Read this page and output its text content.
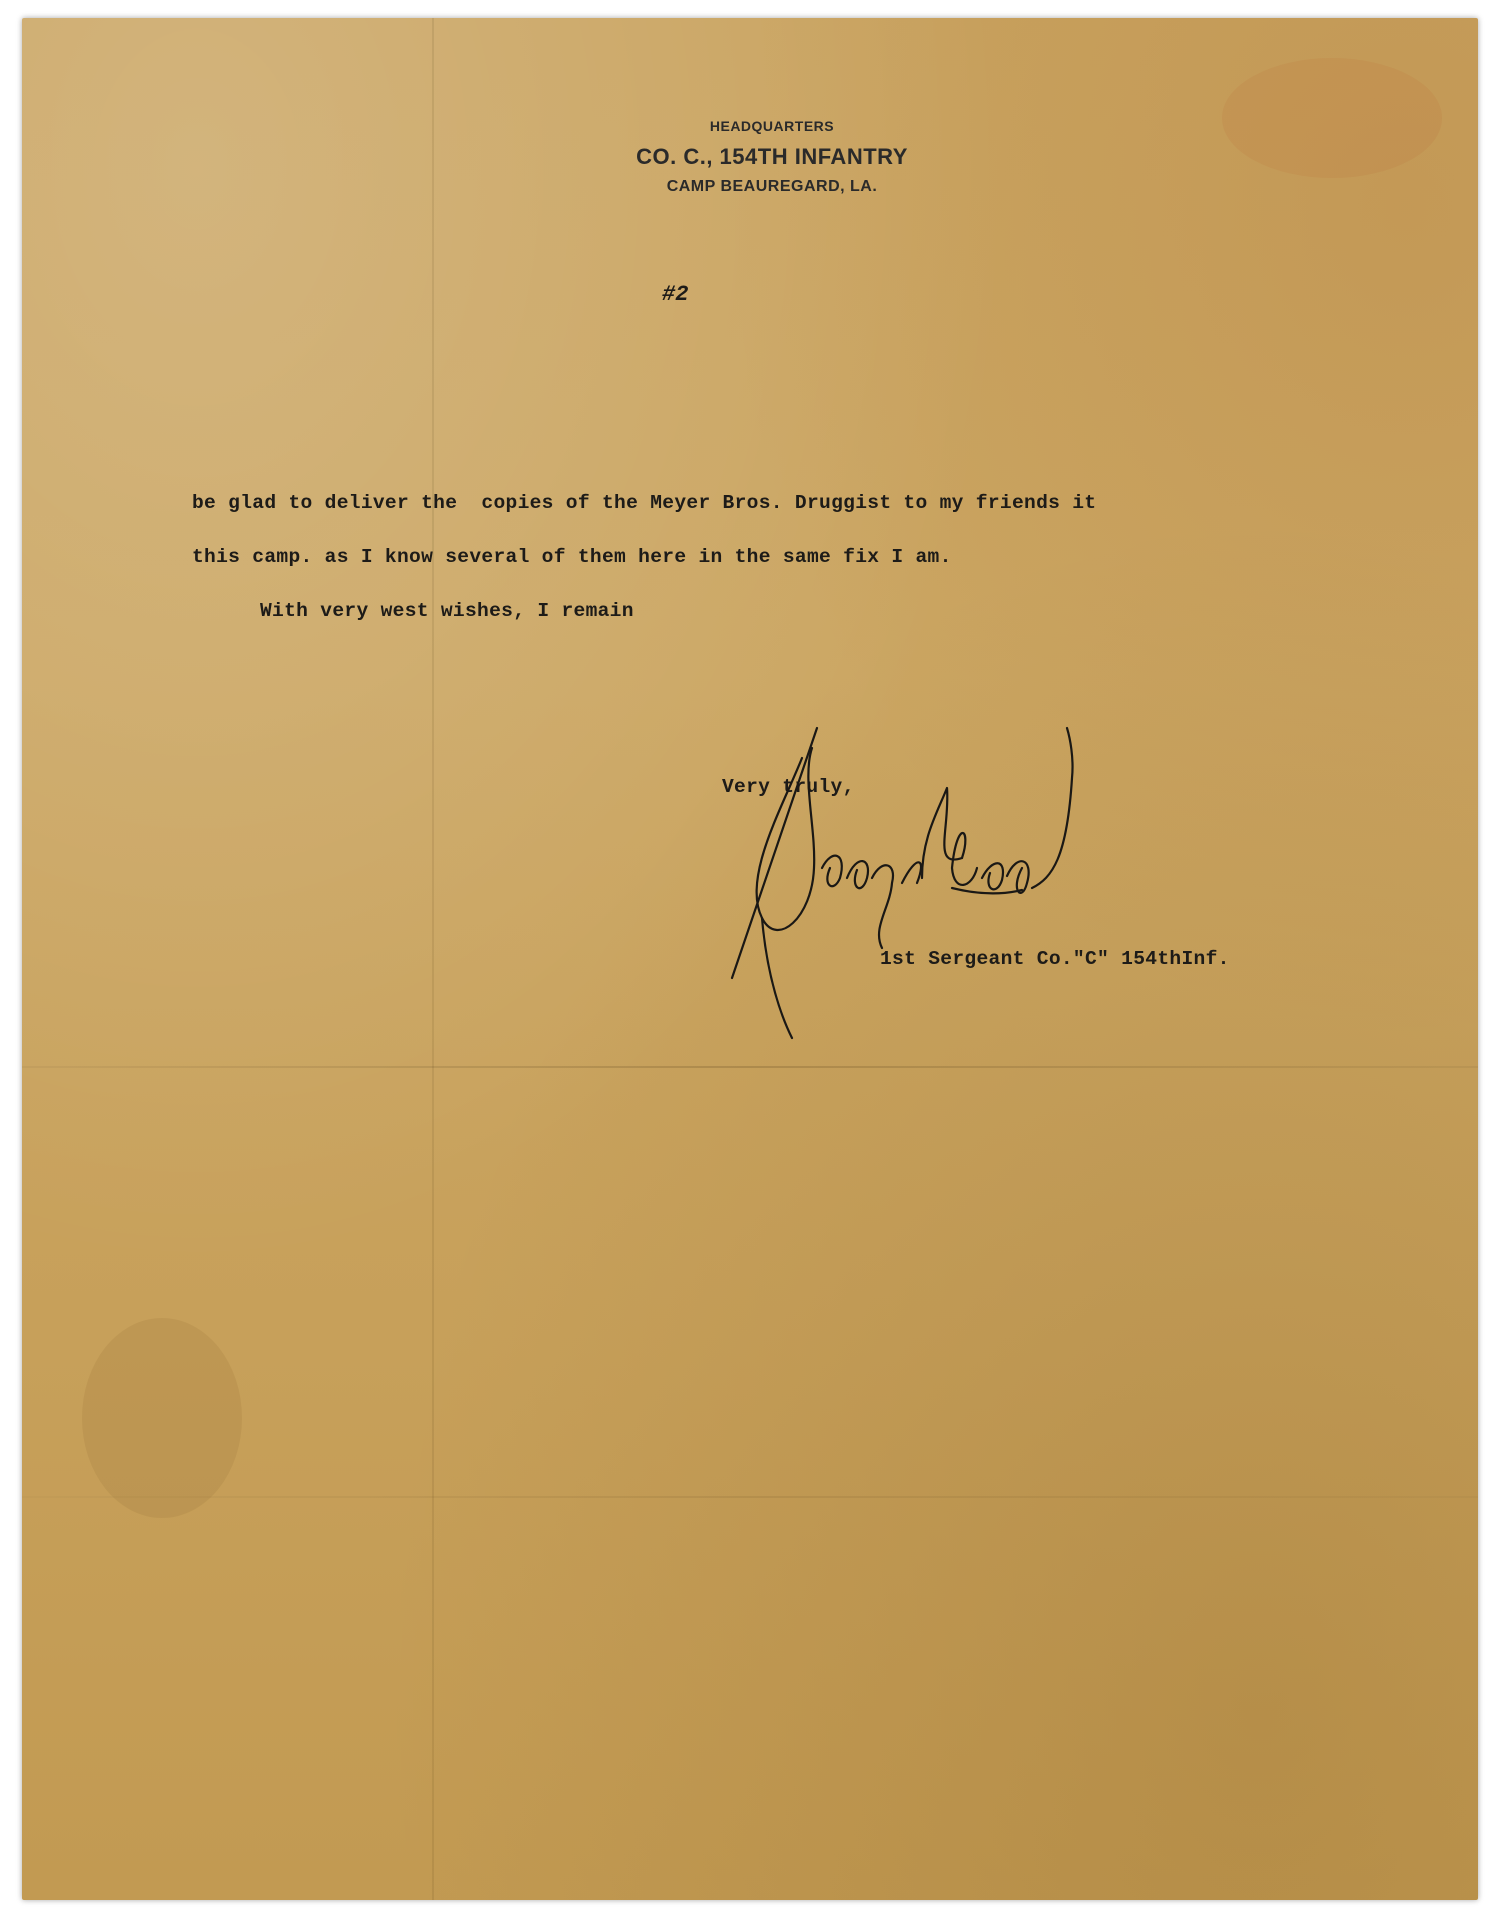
HEADQUARTERS
CO. C., 154TH INFANTRY
CAMP BEAUREGARD, LA.
#2
be glad to deliver the  copies of the Meyer Bros. Druggist to my friends it
this camp. as I know several of them here in the same fix I am.
With very west wishes, I remain
Very truly,
1st Sergeant Co."C" 154thInf.
